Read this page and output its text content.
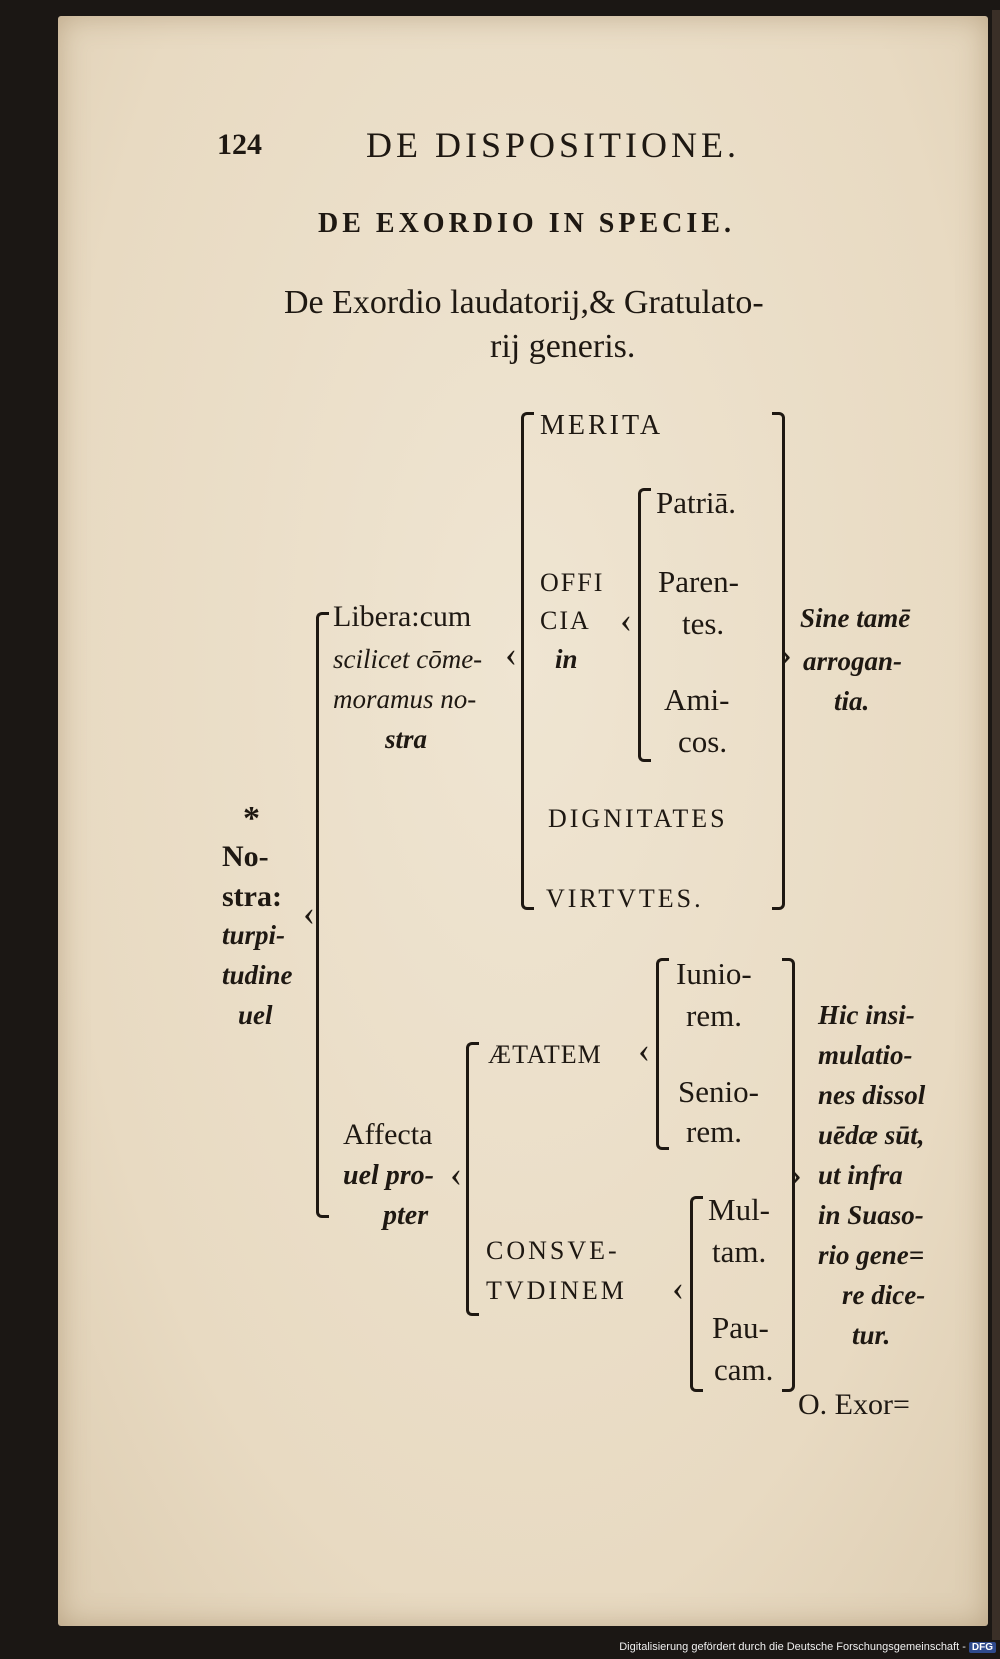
124	DE DISPOSITIONE.
DE EXORDIO IN SPECIE.
De Exordio laudatorij,& Gratulato-
rij generis.
*
No-
stra:
turpi-
tudine
uel
‹
Libera:cum
scilicet cōme-
moramus no-
stra
‹
MERITA
OFFI
CIA
in
‹
Patriā.
Paren-
tes.
Ami-
cos.
DIGNITATES
VIRTVTES.
›
Sine tamē
arrogan-
tia.
Affecta
uel pro-
pter
‹
ÆTATEM ‹
Iunio-
rem.
Senio-
rem.
CONSVE-
TVDINEM ‹
Mul-
tam.
Pau-
cam.
›
Hic insi-
mulatio-
nes dissol
uēdæ sūt,
ut infra
in Suaso-
rio gene=
re dice-
tur.
O. Exor=
Digitalisierung gefördert durch die Deutsche Forschungsgemeinschaft - DFG
